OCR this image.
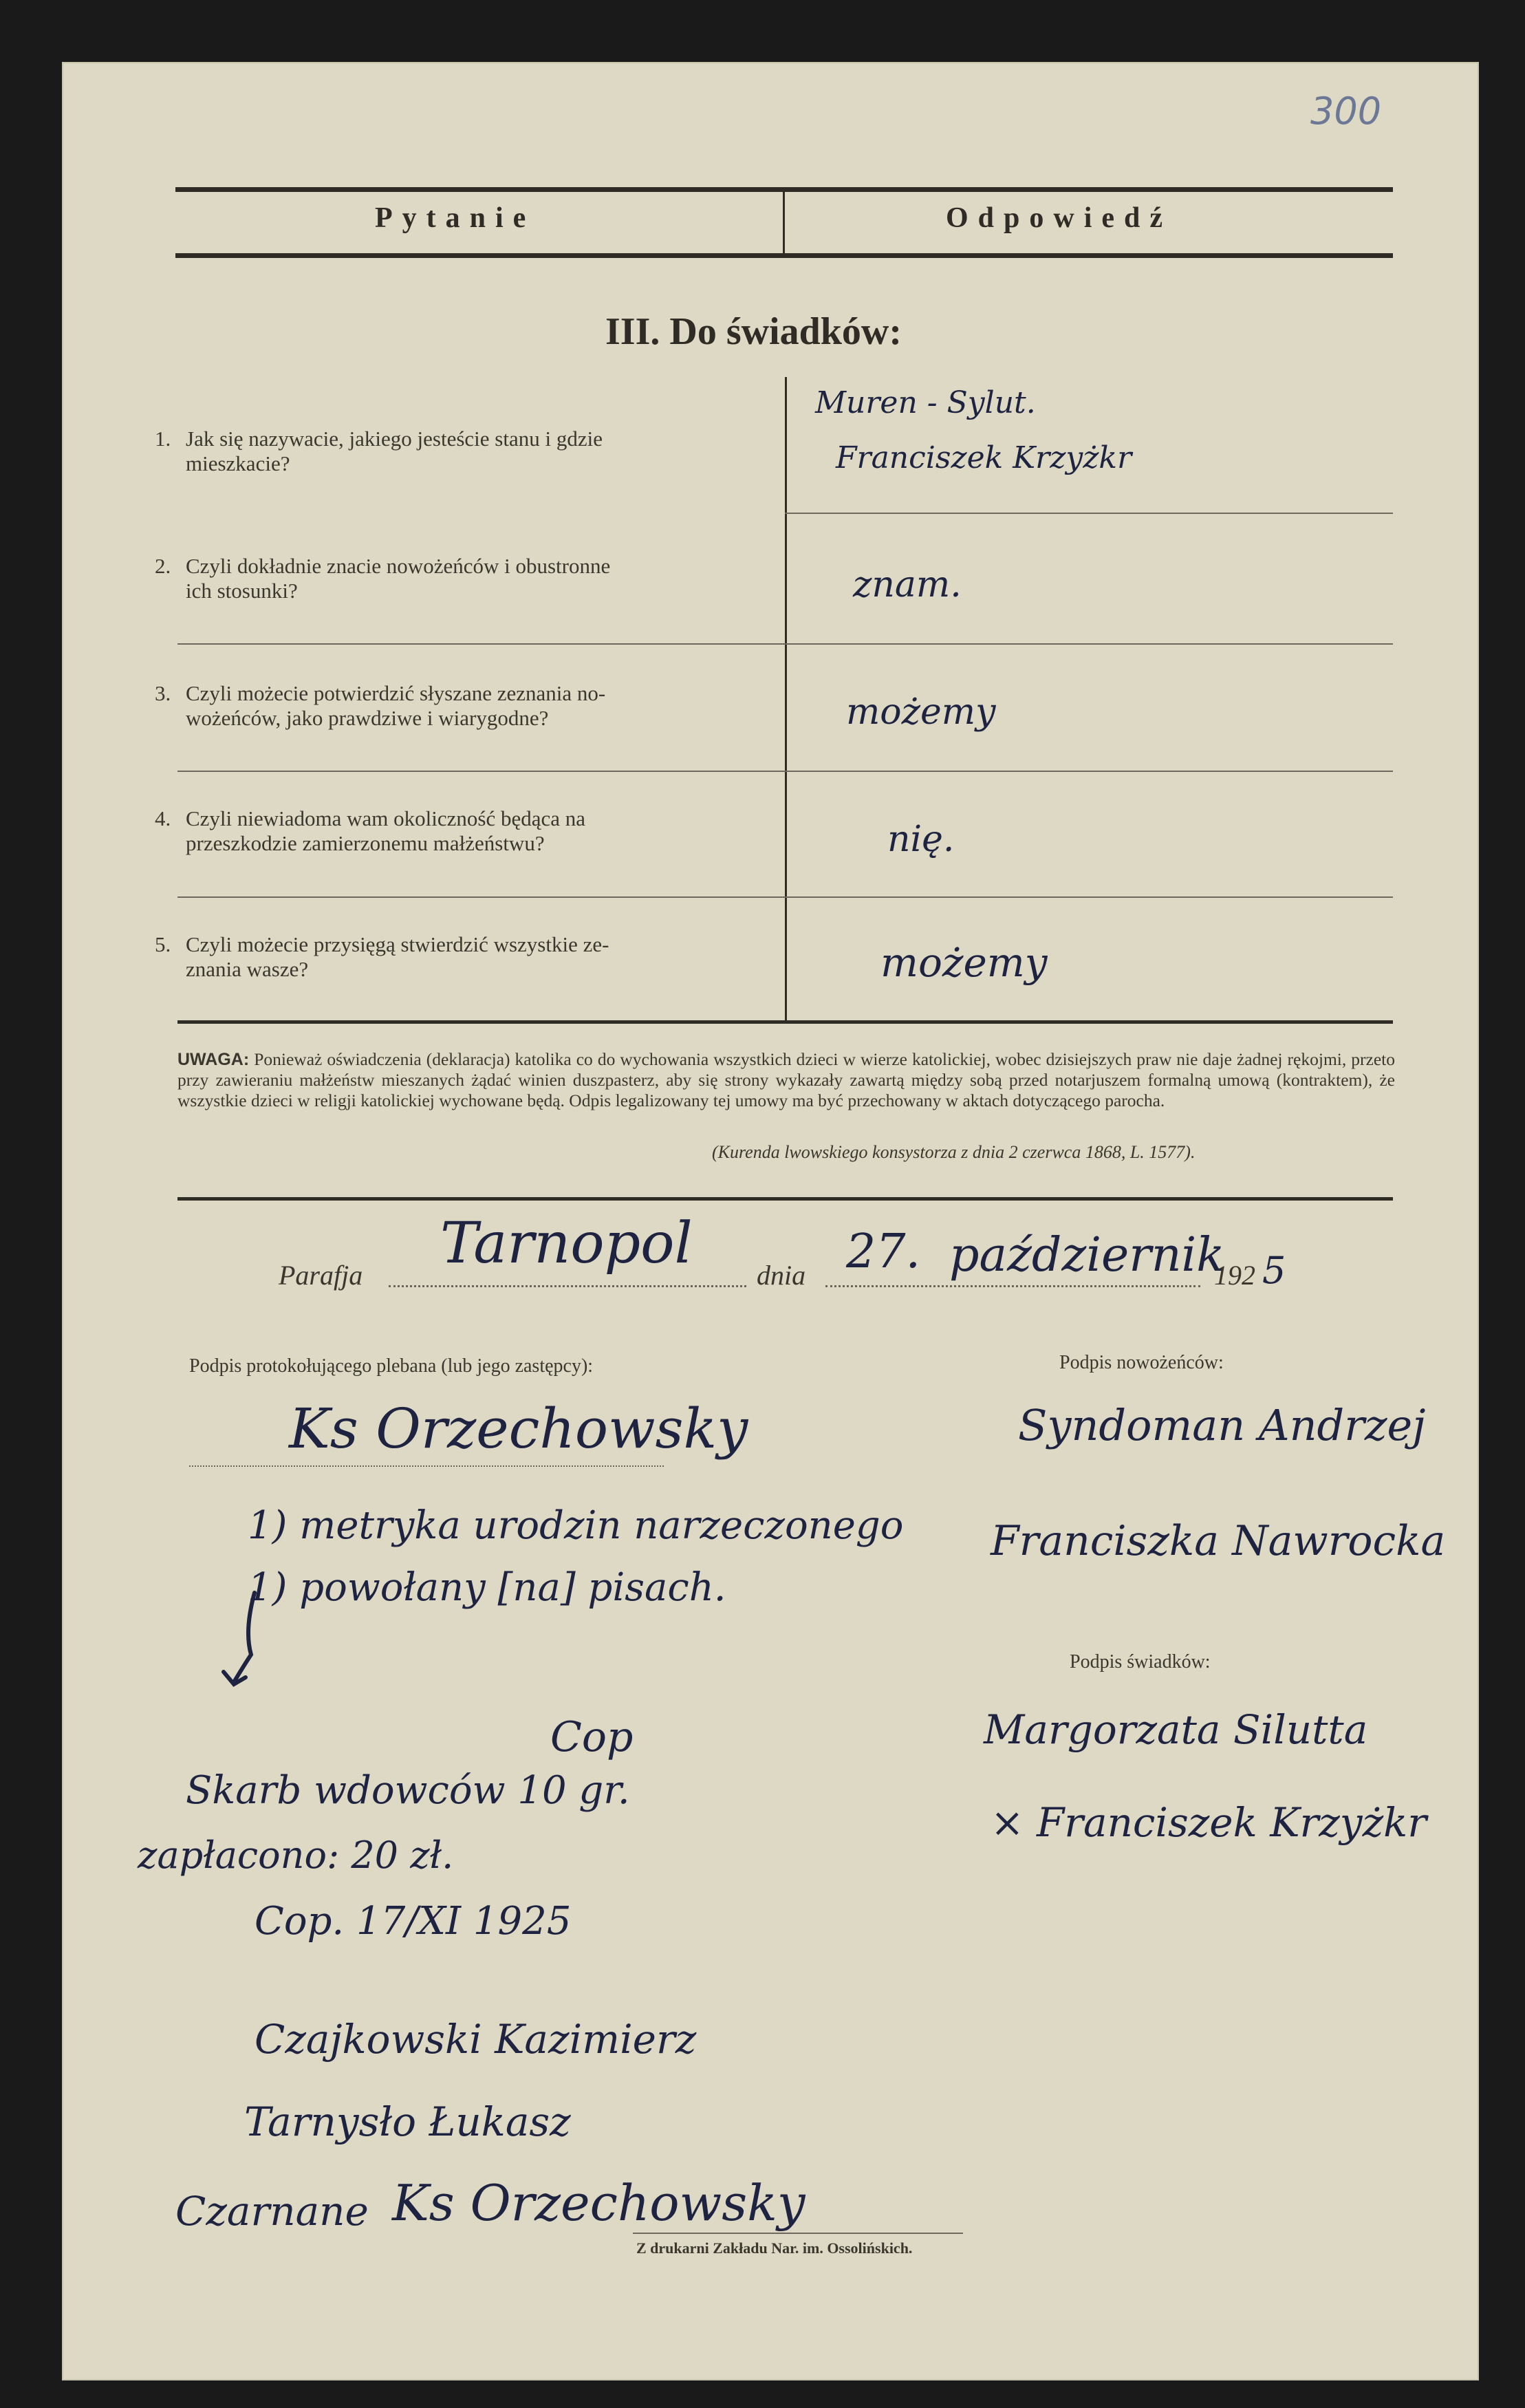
300
Pytanie	Odpowiedź
III. Do świadków:
1. Jak się nazywacie, jakiego jesteście stanu i gdzie
mieszkacie?
2. Czyli dokładnie znacie nowożeńców i obustronne
ich stosunki?
3. Czyli możecie potwierdzić słyszane zeznania no-
wożeńców, jako prawdziwe i wiarygodne?
4. Czyli niewiadoma wam okoliczność będąca na
przeszkodzie zamierzonemu małżeństwu?
5. Czyli możecie przysięgą stwierdzić wszystkie ze-
znania wasze?
Muren - Sylut.
Franciszek Krzyżkr
znam.
możemy
nię.
możemy
UWAGA: Ponieważ oświadczenia (deklaracja) katolika co do wychowania wszystkich dzieci w wierze katolickiej, wobec dzisiejszych praw nie daje żadnej rękojmi, przeto przy zawieraniu małżeństw mieszanych żądać winien duszpasterz, aby się strony wykazały zawartą między sobą przed notarjuszem formalną umową (kontraktem), że wszystkie dzieci w religji katolickiej wychowane będą. Odpis legalizowany tej umowy ma być przechowany w aktach dotyczącego parocha.
(Kurenda lwowskiego konsystorza z dnia 2 czerwca 1868, L. 1577).
Parafja Tarnopol dnia 27. październik
192 5
Podpis protokołującego plebana (lub jego zastępcy):	Podpis nowożeńców:
Podpis świadków:
Ks Orzechowsky
1) metryka urodzin narzeczonego
1) powołany [na] pisach.
Syndoman Andrzej
Franciszka Nawrocka
Margorzata Silutta
× Franciszek Krzyżkr
Cop
Skarb wdowców 10 gr.
zapłacono: 20 zł.
Cop. 17/XI 1925
Czajkowski Kazimierz
Tarnysło Łukasz
Czarnane Ks Orzechowsky
Z drukarni Zakładu Nar. im. Ossolińskich.
